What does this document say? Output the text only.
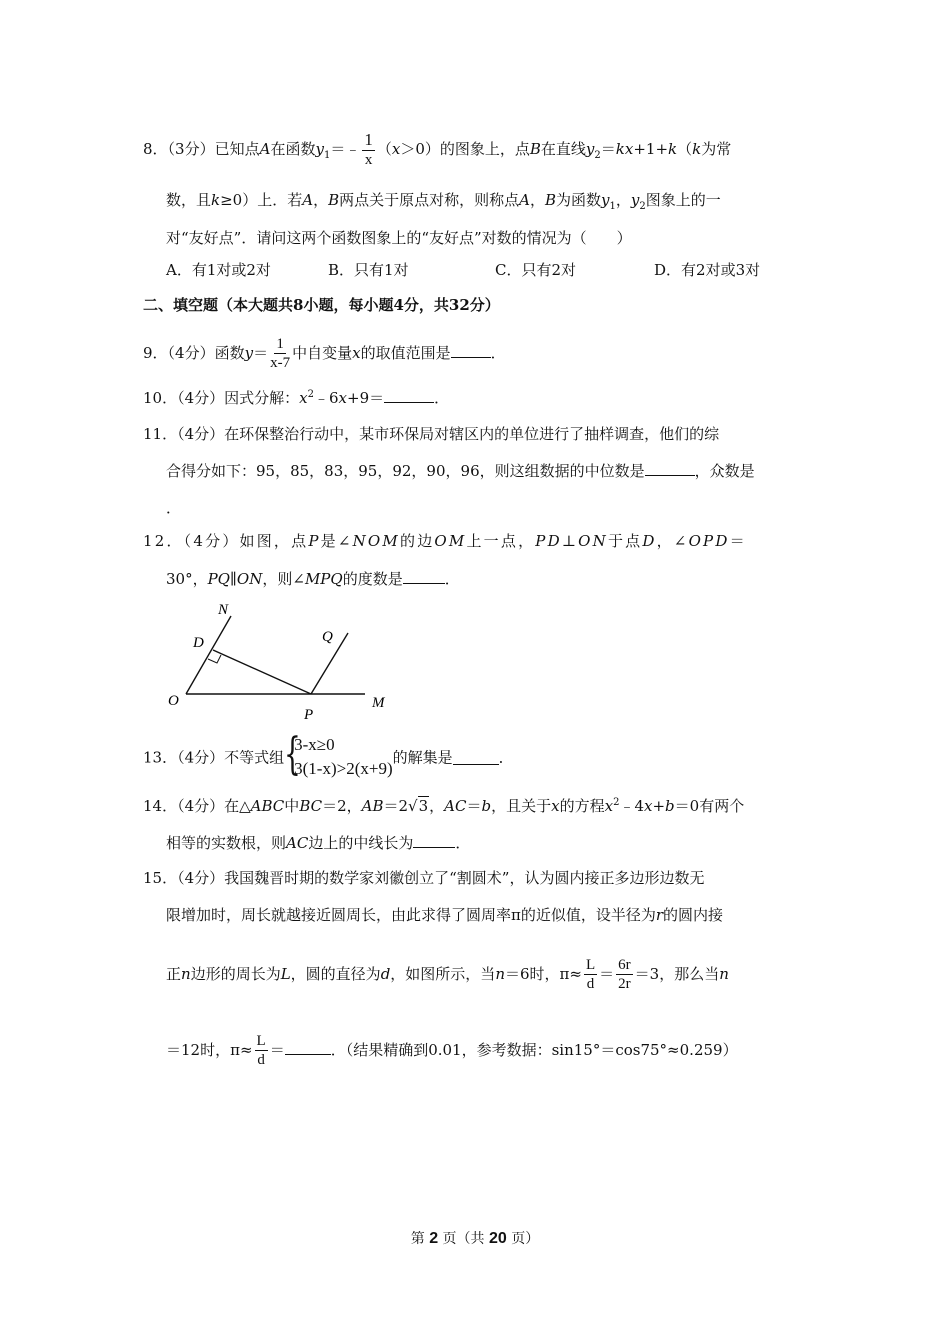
8．（3分）已知点A在函数$y_1=﹣ \frac{1}{x} (x>0)$的图象上，点B在直线$y_2=kx+1+k(k$为常
数，且k≥0）上．若A，B两点关于原点对称，则称点A，B为函数$y_1$，$y_2$图象上的一
对“友好点”．请问这两个函数图象上的“友好点”对数的情况为（　　）
A．有1对或2对	B．只有1对	C．只有2对	D．有2对或3对
二、填空题（本大题共8小题，每小题4分，共32分）
9．（4分）函数$y= \frac{1}{x-7}$ 中自变量x的取值范围是	．
10．（4分）因式分解：$x^2﹣6x+9=$	．
11．（4分）在环保整治行动中，某市环保局对辖区内的单位进行了抽样调查，他们的综
合得分如下：95，85，83，95，92，90，96，则这组数据的中位数是	，众数是
．
12．（4分）如图，点P是∠NOM的边OM上一点，PD⊥ON于点D，∠OPD＝
30°，PQ∥ON，则∠MPQ的度数是	．
N
D	Q
O
P
M
13．（4分）不等式组 {
3-x≥0
3(1-x)>2(x+9)
的解集是	．
14．（4分）在△ABC中BC＝2，AB＝2√3，AC＝b，且关于x的方程$x^2﹣4x+b=0$有两个
相等的实数根，则AC边上的中线长为	．
15．（4分）我国魏晋时期的数学家刘徽创立了“割圆术”，认为圆内接正多边形边数无
限增加时，周长就越接近圆周长，由此求得了圆周率π的近似值，设半径为r的圆内接
正n边形的周长为L，圆的直径为d，如图所示，当n＝6时，$\pi\approx \frac{L}{d} = \frac{6r}{2r} =3$，那么当n
＝12时，$\pi\approx \frac{L}{d}$ ＝	．（结果精确到0.01，参考数据：sin15°＝cos75°≈0.259）
第 2 页（共 20 页）
